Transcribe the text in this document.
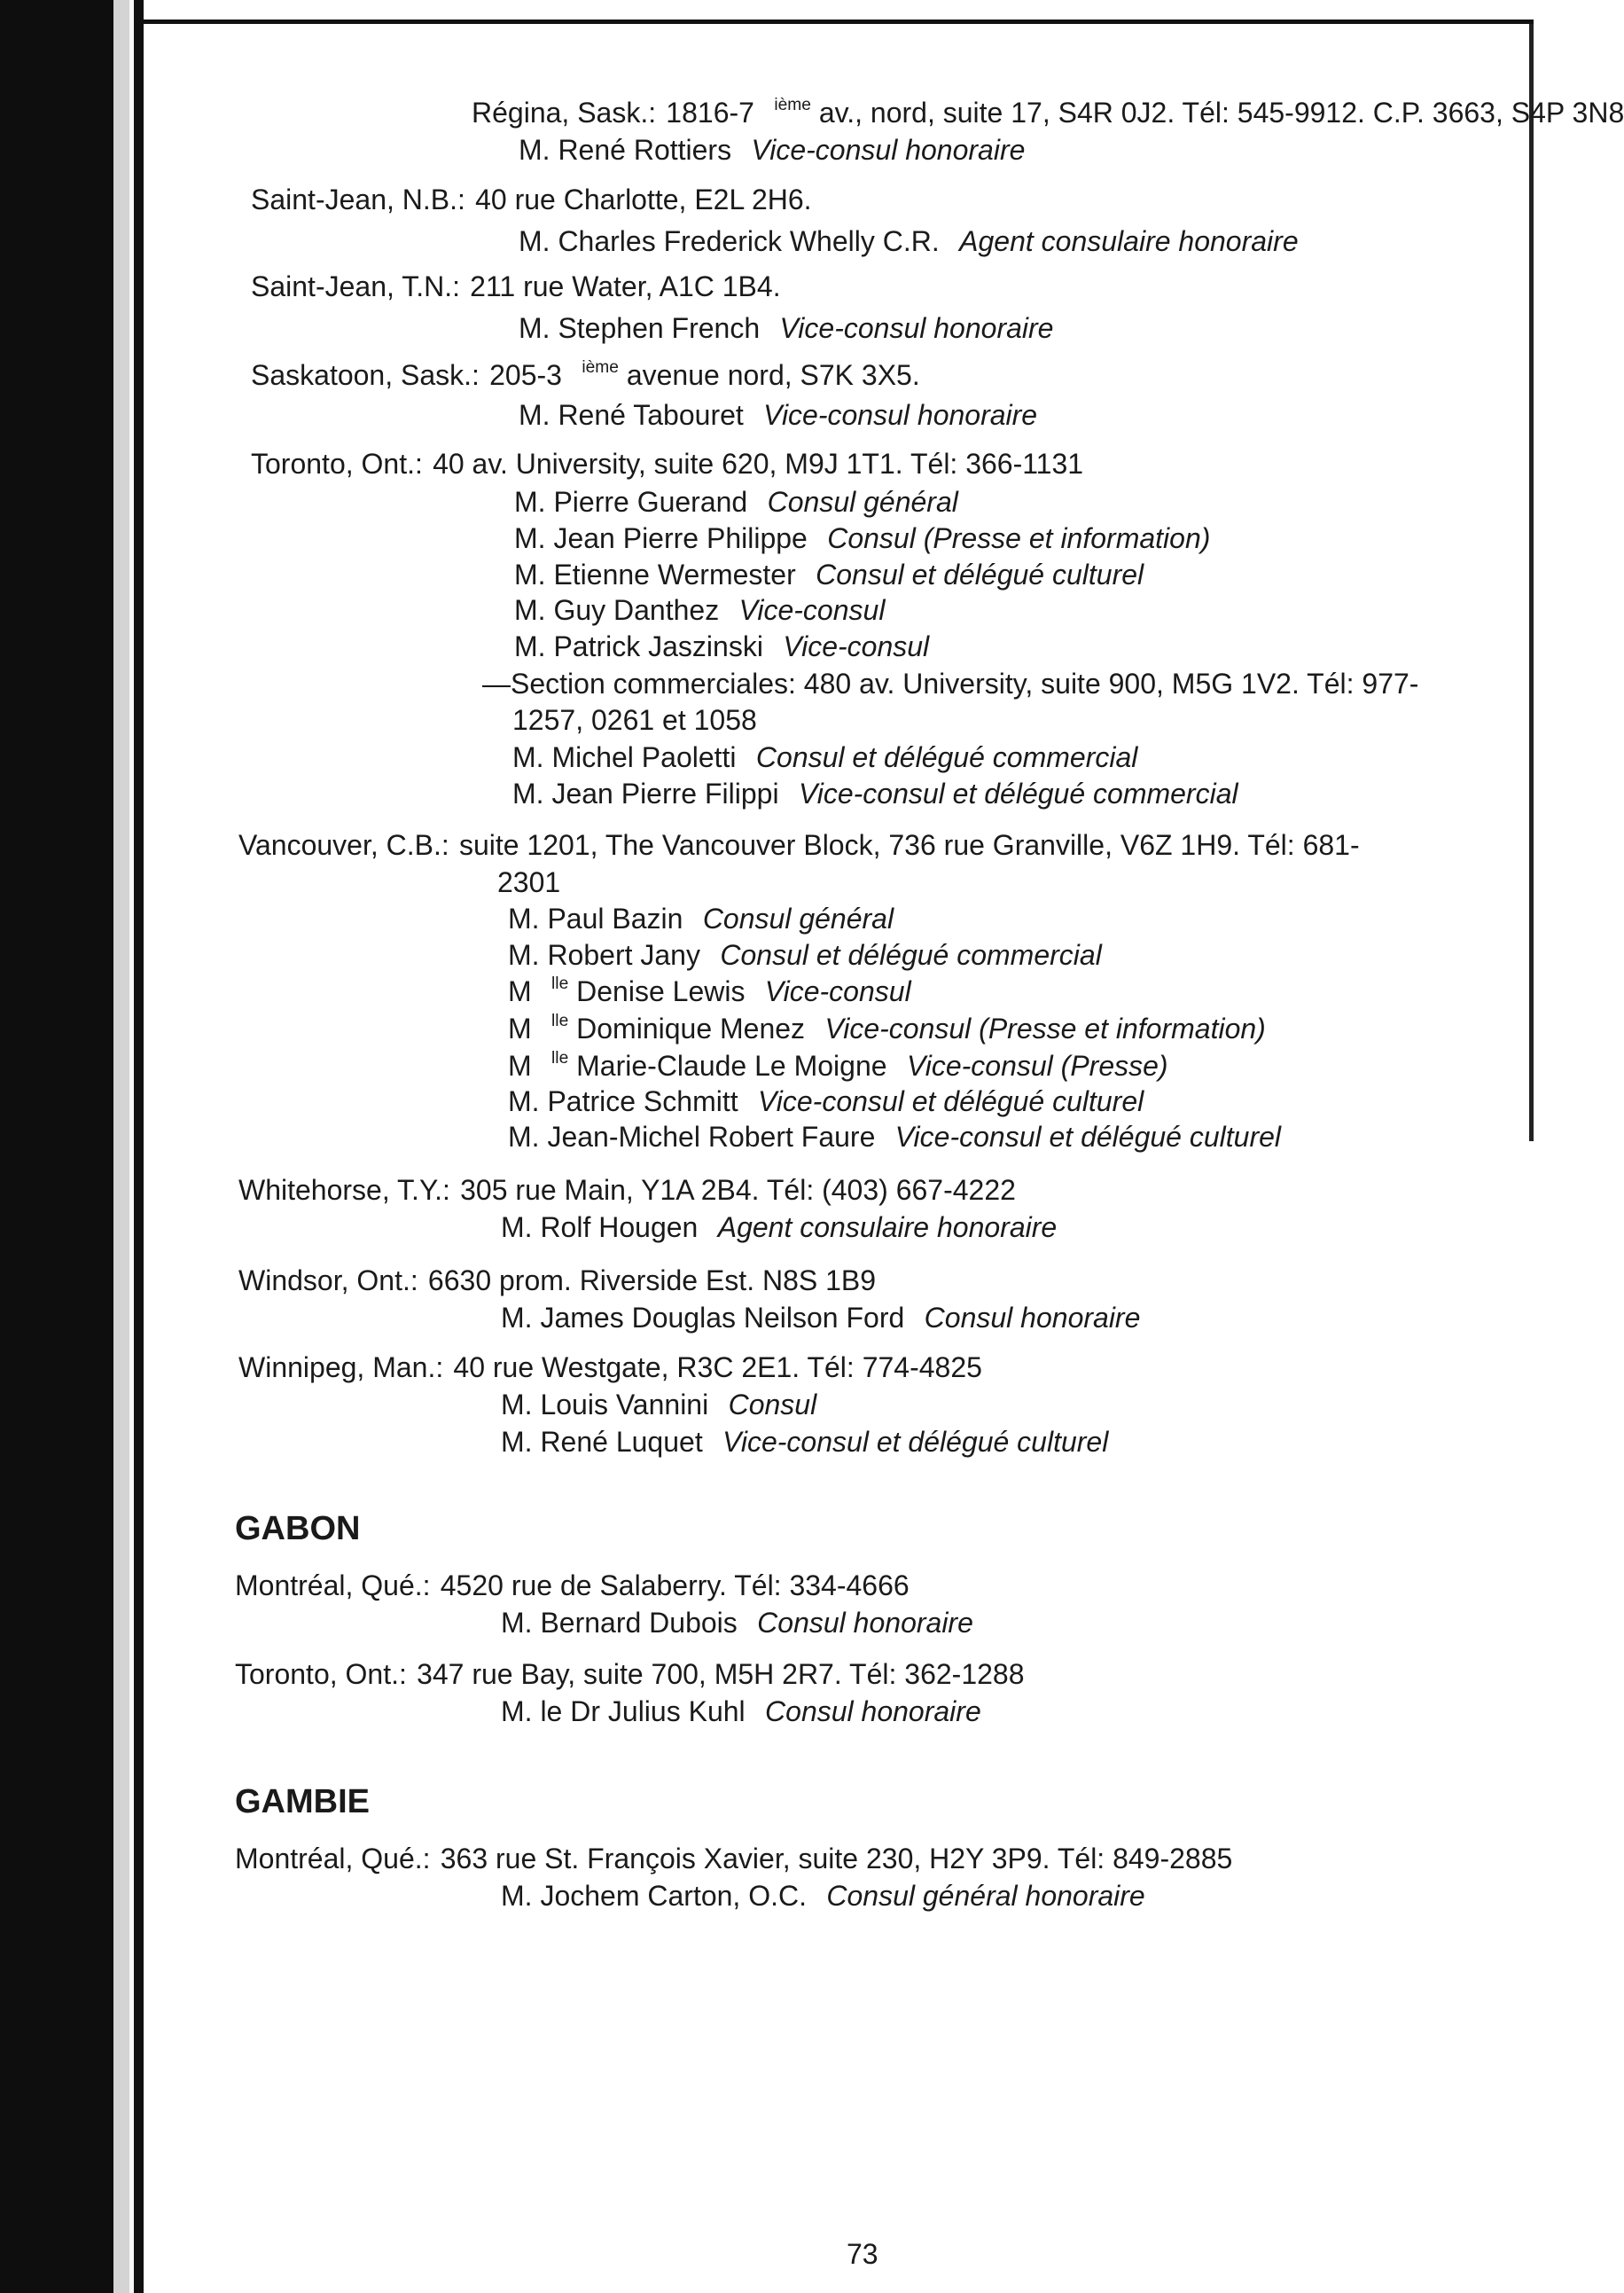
Régina, Sask.: 1816-7 $^{ième}$ av., nord, suite 17, S4R 0J2. Tél: 545-9912. C.P. 3663, S4P 3N8
M. René Rottiers Vice-consul honoraire
Saint-Jean, N.B.: 40 rue Charlotte, E2L 2H6.
M. Charles Frederick Whelly C.R. Agent consulaire honoraire
Saint-Jean, T.N.: 211 rue Water, A1C 1B4.
M. Stephen French Vice-consul honoraire
Saskatoon, Sask.: 205-3 $^{ième}$ avenue nord, S7K 3X5.
M. René Tabouret Vice-consul honoraire
Toronto, Ont.: 40 av. University, suite 620, M9J 1T1. Tél: 366-1131
M. Pierre Guerand Consul général
M. Jean Pierre Philippe Consul (Presse et information)
M. Etienne Wermester Consul et délégué culturel
M. Guy Danthez Vice-consul
M. Patrick Jaszinski Vice-consul
—Section commerciales: 480 av. University, suite 900, M5G 1V2. Tél: 977-
1257, 0261 et 1058
M. Michel Paoletti Consul et délégué commercial
M. Jean Pierre Filippi Vice-consul et délégué commercial
Vancouver, C.B.: suite 1201, The Vancouver Block, 736 rue Granville, V6Z 1H9. Tél: 681-
2301
M. Paul Bazin Consul général
M. Robert Jany Consul et délégué commercial
M $^{lle}$ Denise Lewis Vice-consul
M $^{lle}$ Dominique Menez Vice-consul (Presse et information)
M $^{lle}$ Marie-Claude Le Moigne Vice-consul (Presse)
M. Patrice Schmitt Vice-consul et délégué culturel
M. Jean-Michel Robert Faure Vice-consul et délégué culturel
Whitehorse, T.Y.: 305 rue Main, Y1A 2B4. Tél: (403) 667-4222
M. Rolf Hougen Agent consulaire honoraire
Windsor, Ont.: 6630 prom. Riverside Est. N8S 1B9
M. James Douglas Neilson Ford Consul honoraire
Winnipeg, Man.: 40 rue Westgate, R3C 2E1. Tél: 774-4825
M. Louis Vannini Consul
M. René Luquet Vice-consul et délégué culturel
GABON
Montréal, Qué.: 4520 rue de Salaberry. Tél: 334-4666
M. Bernard Dubois Consul honoraire
Toronto, Ont.: 347 rue Bay, suite 700, M5H 2R7. Tél: 362-1288
M. le Dr Julius Kuhl Consul honoraire
GAMBIE
Montréal, Qué.: 363 rue St. François Xavier, suite 230, H2Y 3P9. Tél: 849-2885
M. Jochem Carton, O.C. Consul général honoraire
73
